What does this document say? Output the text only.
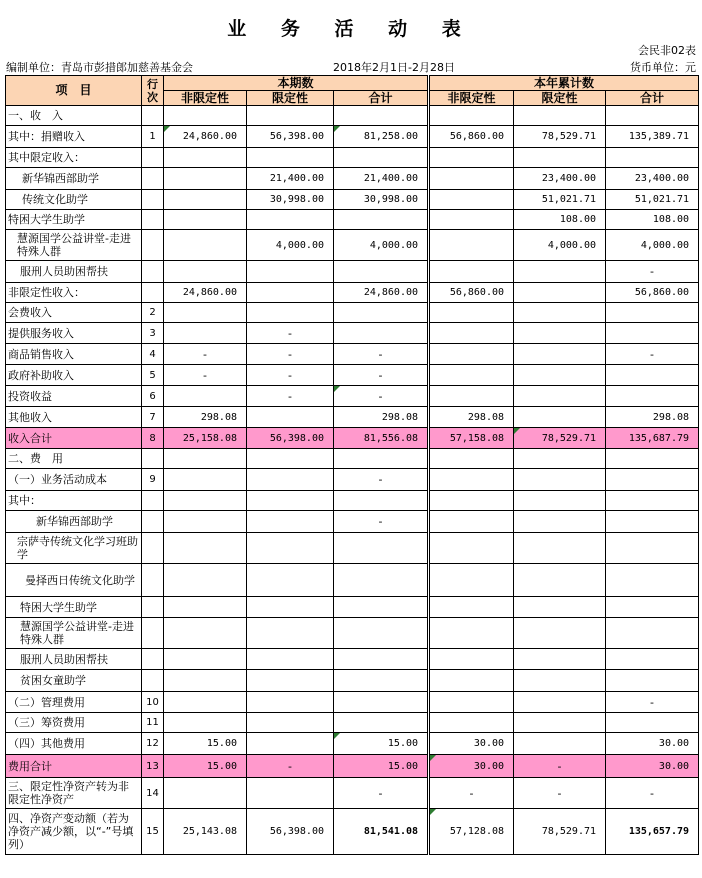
业 务 活 动 表
会民非02表
编制单位：青岛市彭措郎加慈善基金会	2018年2月1日-2月28日	货币单位：元
项　目	行次	本期数			本年累计数		
		非限定性	限定性	合计	非限定性	限定性	合计
一、收　入							
其中：捐赠收入	1	24,860.00	56,398.00	81,258.00	56,860.00	78,529.71	135,389.71
其中限定收入：							
新华锦西部助学			21,400.00	21,400.00		23,400.00	23,400.00
传统文化助学			30,998.00	30,998.00		51,021.71	51,021.71
特困大学生助学						108.00	108.00
慧源国学公益讲堂-走进特殊人群			4,000.00	4,000.00		4,000.00	4,000.00
服刑人员助困帮扶							-
非限定性收入：		24,860.00		24,860.00	56,860.00		56,860.00
会费收入	2						
提供服务收入	3		-				
商品销售收入	4	-	-	-			-
政府补助收入	5	-	-	-			
投资收益	6		-	-			
其他收入	7	298.08		298.08	298.08		298.08
收入合计	8	25,158.08	56,398.00	81,556.08	57,158.08	78,529.71	135,687.79
二、费　用							
（一）业务活动成本	9			-			
其中：							
新华锦西部助学				-			
宗萨寺传统文化学习班助学							
曼择西日传统文化助学							
特困大学生助学							
慧源国学公益讲堂-走进特殊人群							
服刑人员助困帮扶							
贫困女童助学							
（二）管理费用	10						-
（三）筹资费用	11						
（四）其他费用	12	15.00		15.00	30.00		30.00
费用合计	13	15.00	-	15.00	30.00	-	30.00
三、限定性净资产转为非限定性净资产	14			-	-	-	-
四、净资产变动额（若为净资产减少额，以“-”号填列）	15	25,143.08	56,398.00	81,541.08	57,128.08	78,529.71	135,657.79
